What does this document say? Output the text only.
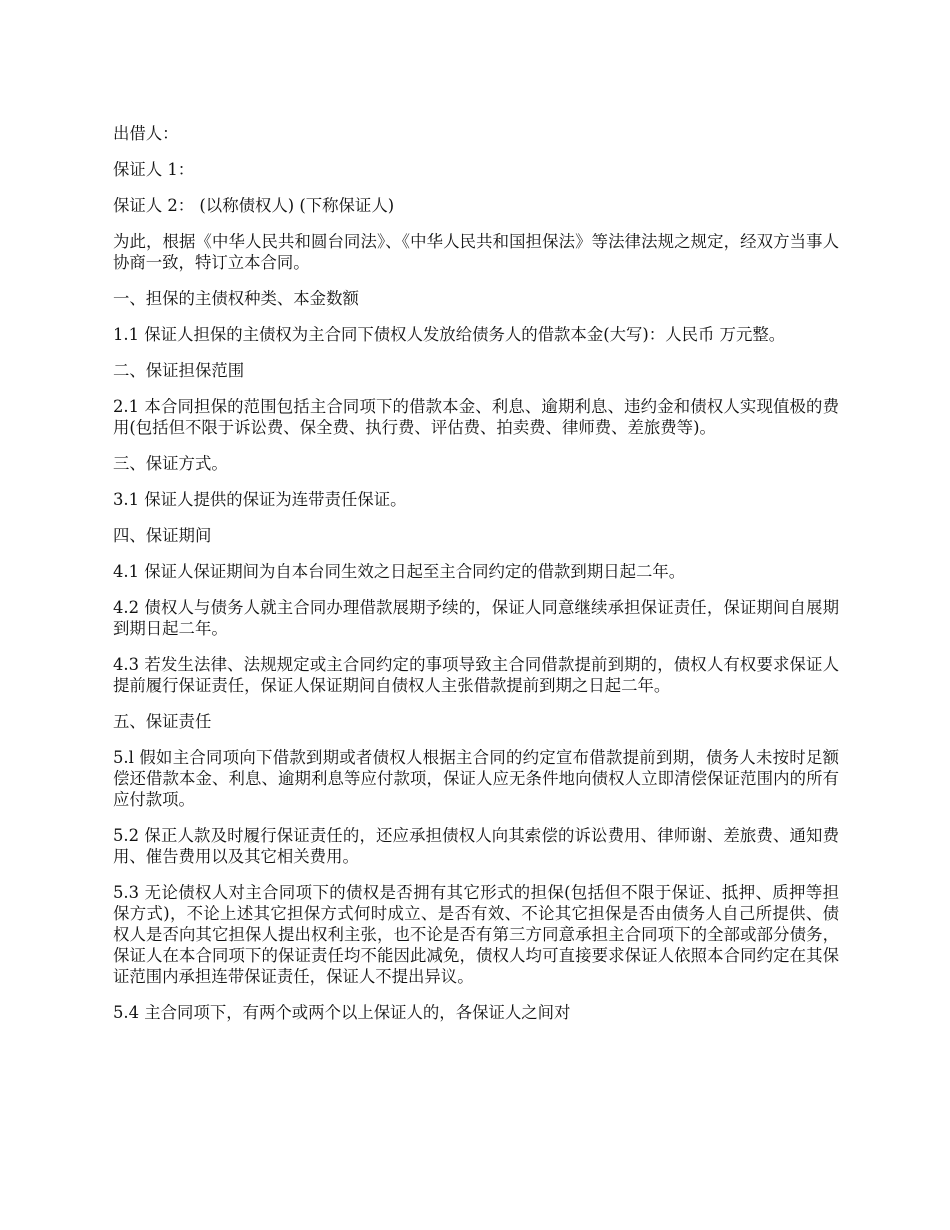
出借人：

保证人 1：

保证人 2： (以称债权人) (下称保证人)

为此，根据《中华人民共和圆台同法》、《中华人民共和国担保法》等法律法规之规定，经双方当事人协商一致，特订立本合同。

一、担保的主债权种类、本金数额

1.1 保证人担保的主债权为主合同下债权人发放给债务人的借款本金(大写)：人民币 万元整。

二、保证担保范围

2.1 本合同担保的范围包括主合同项下的借款本金、利息、逾期利息、违约金和债权人实现值极的费用(包括但不限于诉讼费、保全费、执行费、评估费、拍卖费、律师费、差旅费等)。

三、保证方式。

3.1 保证人提供的保证为连带责任保证。

四、保证期间

4.1 保证人保证期间为自本台同生效之日起至主合同约定的借款到期日起二年。

4.2 债权人与债务人就主合同办理借款展期予续的，保证人同意继续承担保证责任，保证期间自展期到期日起二年。

4.3 若发生法律、法规规定或主合同约定的事项导致主合同借款提前到期的，债权人有权要求保证人提前履行保证责任，保证人保证期间自债权人主张借款提前到期之日起二年。

五、保证责任

5.l 假如主合同项向下借款到期或者债权人根据主合同的约定宣布借款提前到期，债务人未按时足额偿还借款本金、利息、逾期利息等应付款项，保证人应无条件地向债权人立即清偿保证范围内的所有应付款项。

5.2 保正人款及时履行保证责任的，还应承担债权人向其索偿的诉讼费用、律师谢、差旅费、通知费用、催告费用以及其它相关费用。

5.3 无论债权人对主合同项下的债权是否拥有其它形式的担保(包括但不限于保证、抵押、质押等担保方式)，不论上述其它担保方式何时成立、是否有效、不论其它担保是否由债务人自己所提供、债权人是否向其它担保人提出权利主张，也不论是否有第三方同意承担主合同项下的全部或部分债务，保证人在本合同项下的保证责任均不能因此减免，债权人均可直接要求保证人依照本合同约定在其保证范围内承担连带保证责任，保证人不提出异议。

5.4 主合同项下，有两个或两个以上保证人的，各保证人之间对
